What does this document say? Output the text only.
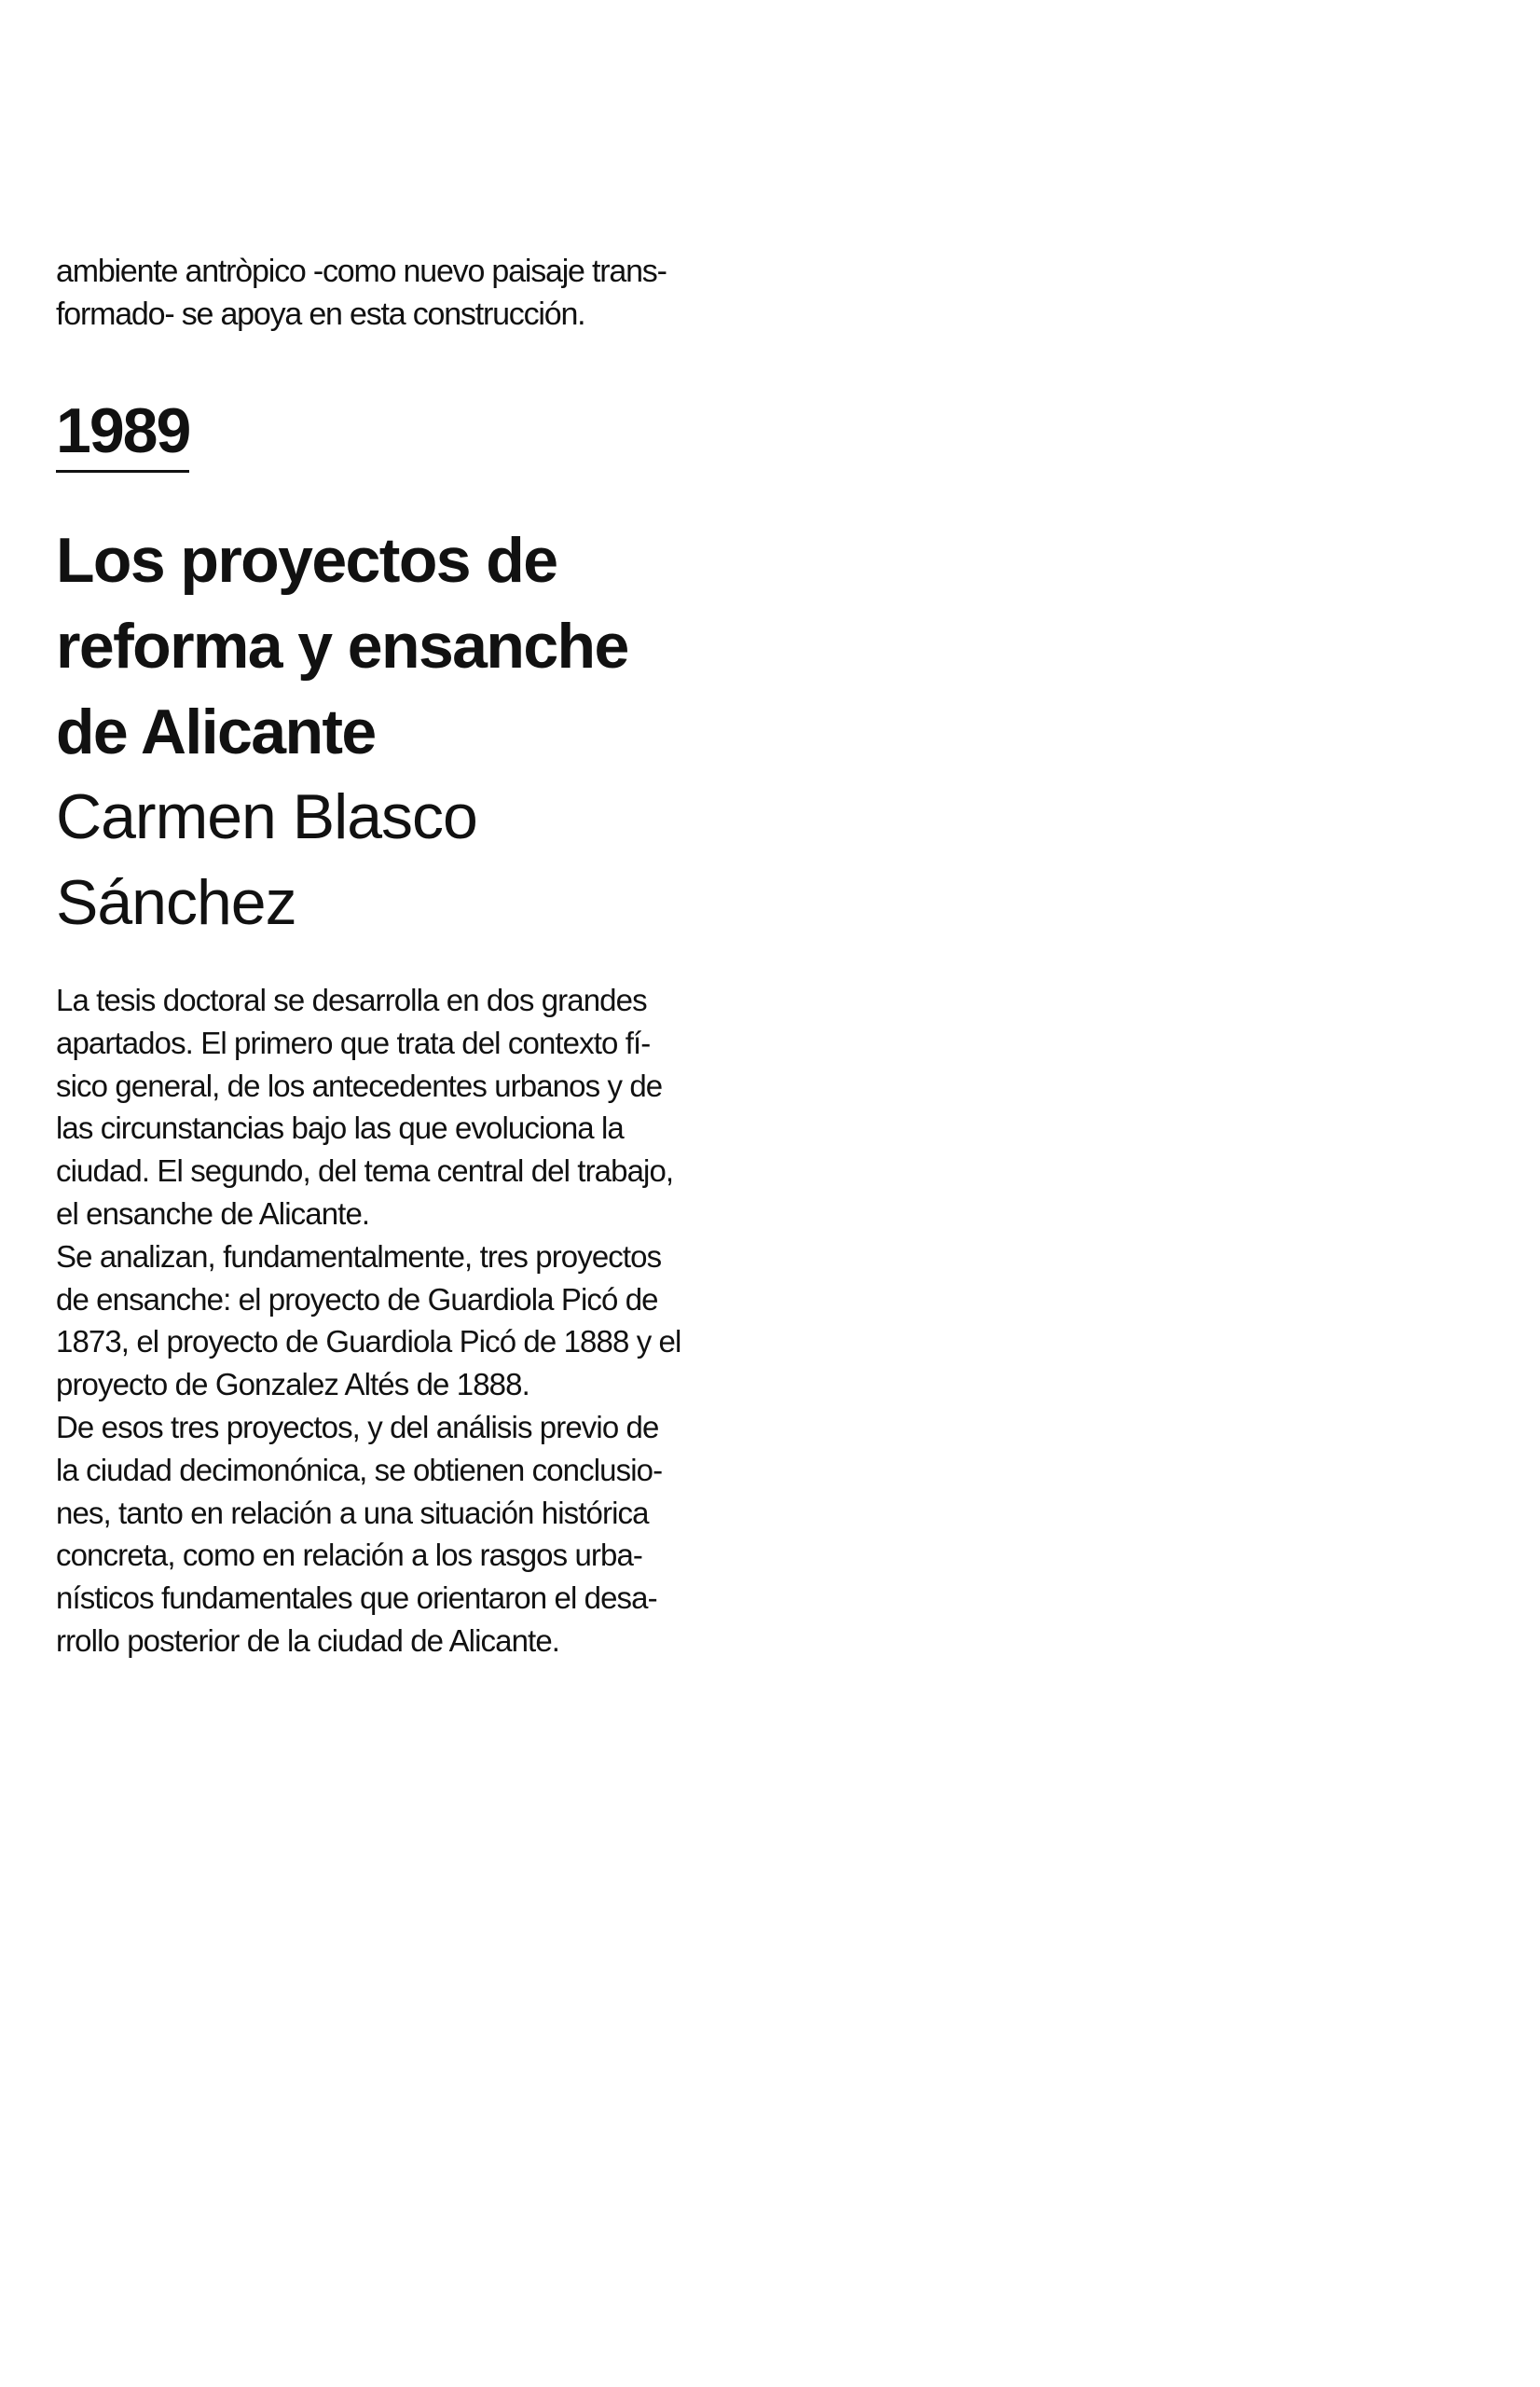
ambiente antròpico -como nuevo paisaje trans-
formado- se apoya en esta construcción.

1989
Los proyectos de
reforma y ensanche
de Alicante
Carmen Blasco
Sánchez

La tesis doctoral se desarrolla en dos grandes
apartados. El primero que trata del contexto fí-
sico general, de los antecedentes urbanos y de
las circunstancias bajo las que evoluciona la
ciudad. El segundo, del tema central del trabajo,
el ensanche de Alicante.
Se analizan, fundamentalmente, tres proyectos
de ensanche: el proyecto de Guardiola Picó de
1873, el proyecto de Guardiola Picó de 1888 y el
proyecto de Gonzalez Altés de 1888.
De esos tres proyectos, y del análisis previo de
la ciudad decimonónica, se obtienen conclusio-
nes, tanto en relación a una situación histórica
concreta, como en relación a los rasgos urba-
nísticos fundamentales que orientaron el desa-
rrollo posterior de la ciudad de Alicante.
